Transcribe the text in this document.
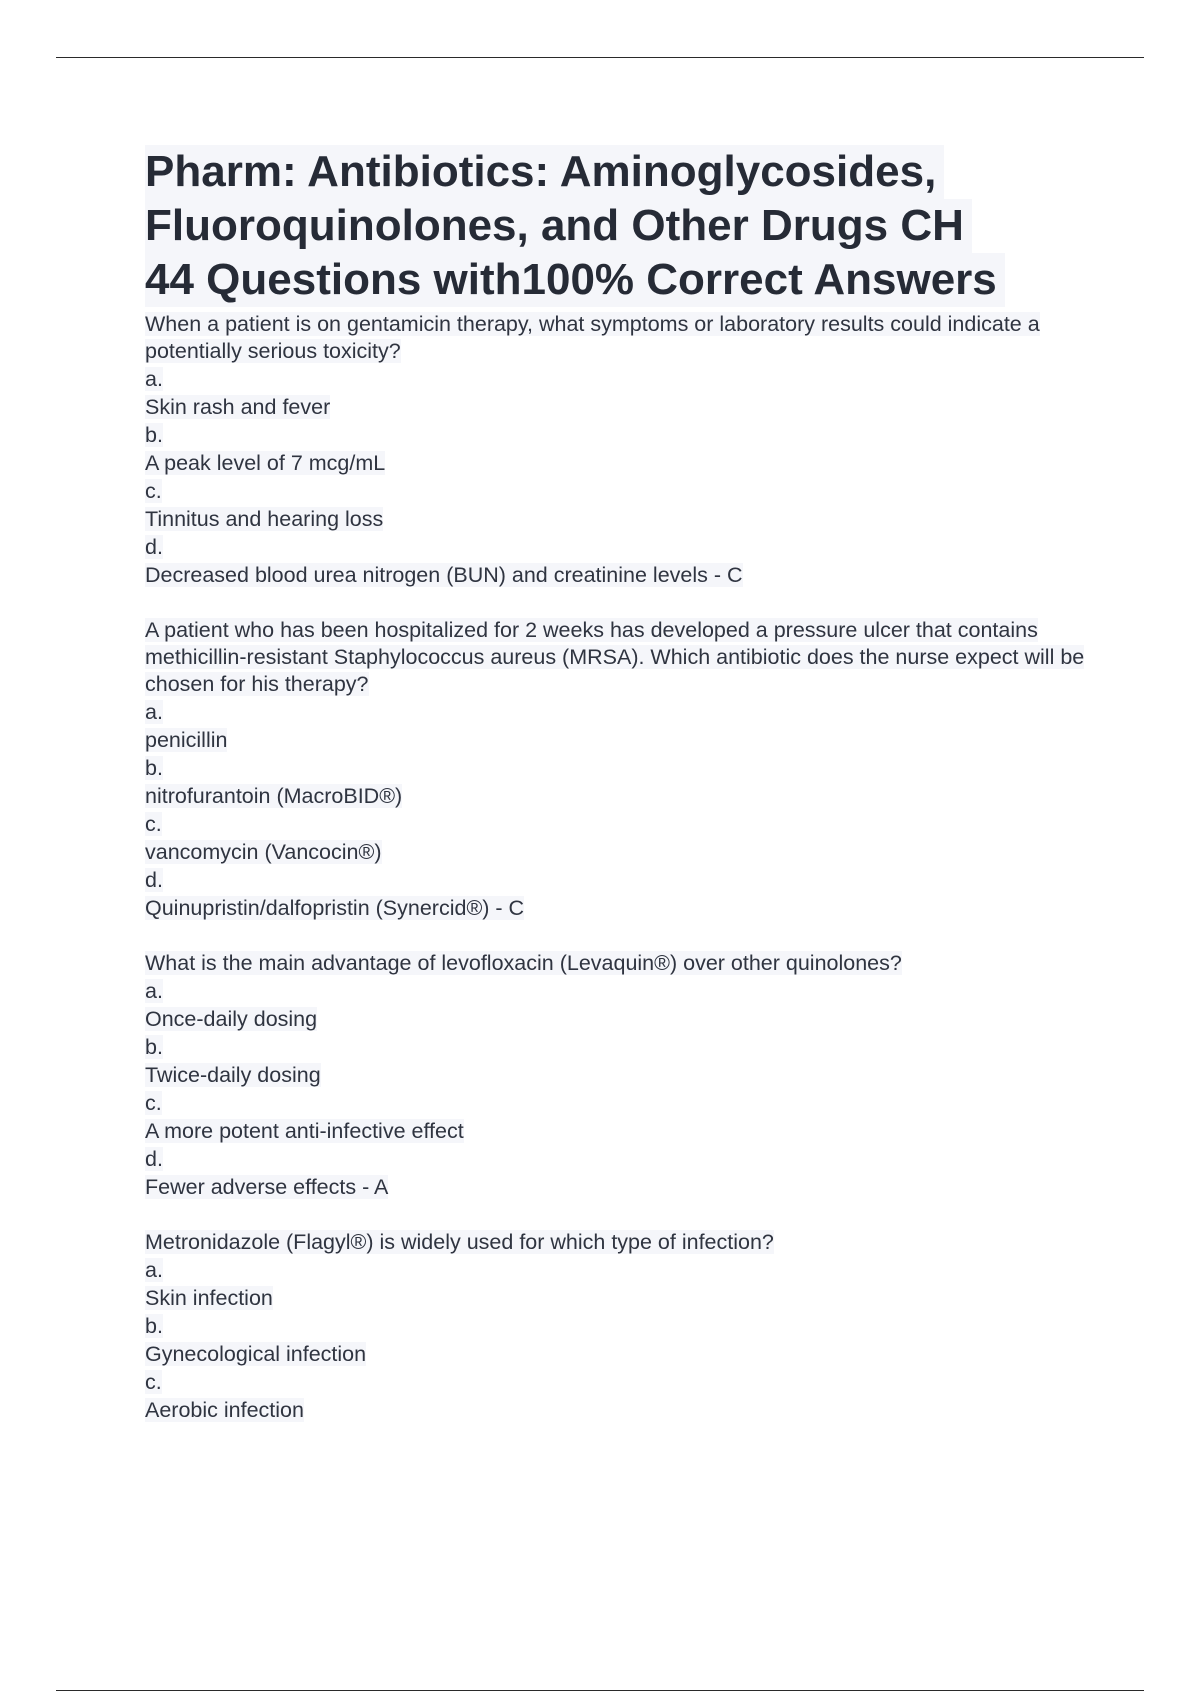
Pharm: Antibiotics: Aminoglycosides,
Fluoroquinolones, and Other Drugs CH
44 Questions with100% Correct Answers
When a patient is on gentamicin therapy, what symptoms or laboratory results could indicate a potentially serious toxicity?
a.
Skin rash and fever
b.
A peak level of 7 mcg/mL
c.
Tinnitus and hearing loss
d.
Decreased blood urea nitrogen (BUN) and creatinine levels - C
A patient who has been hospitalized for 2 weeks has developed a pressure ulcer that contains methicillin-resistant Staphylococcus aureus (MRSA). Which antibiotic does the nurse expect will be chosen for his therapy?
a.
penicillin
b.
nitrofurantoin (MacroBID®)
c.
vancomycin (Vancocin®)
d.
Quinupristin/dalfopristin (Synercid®) - C
What is the main advantage of levofloxacin (Levaquin®) over other quinolones?
a.
Once-daily dosing
b.
Twice-daily dosing
c.
A more potent anti-infective effect
d.
Fewer adverse effects - A
Metronidazole (Flagyl®) is widely used for which type of infection?
a.
Skin infection
b.
Gynecological infection
c.
Aerobic infection
